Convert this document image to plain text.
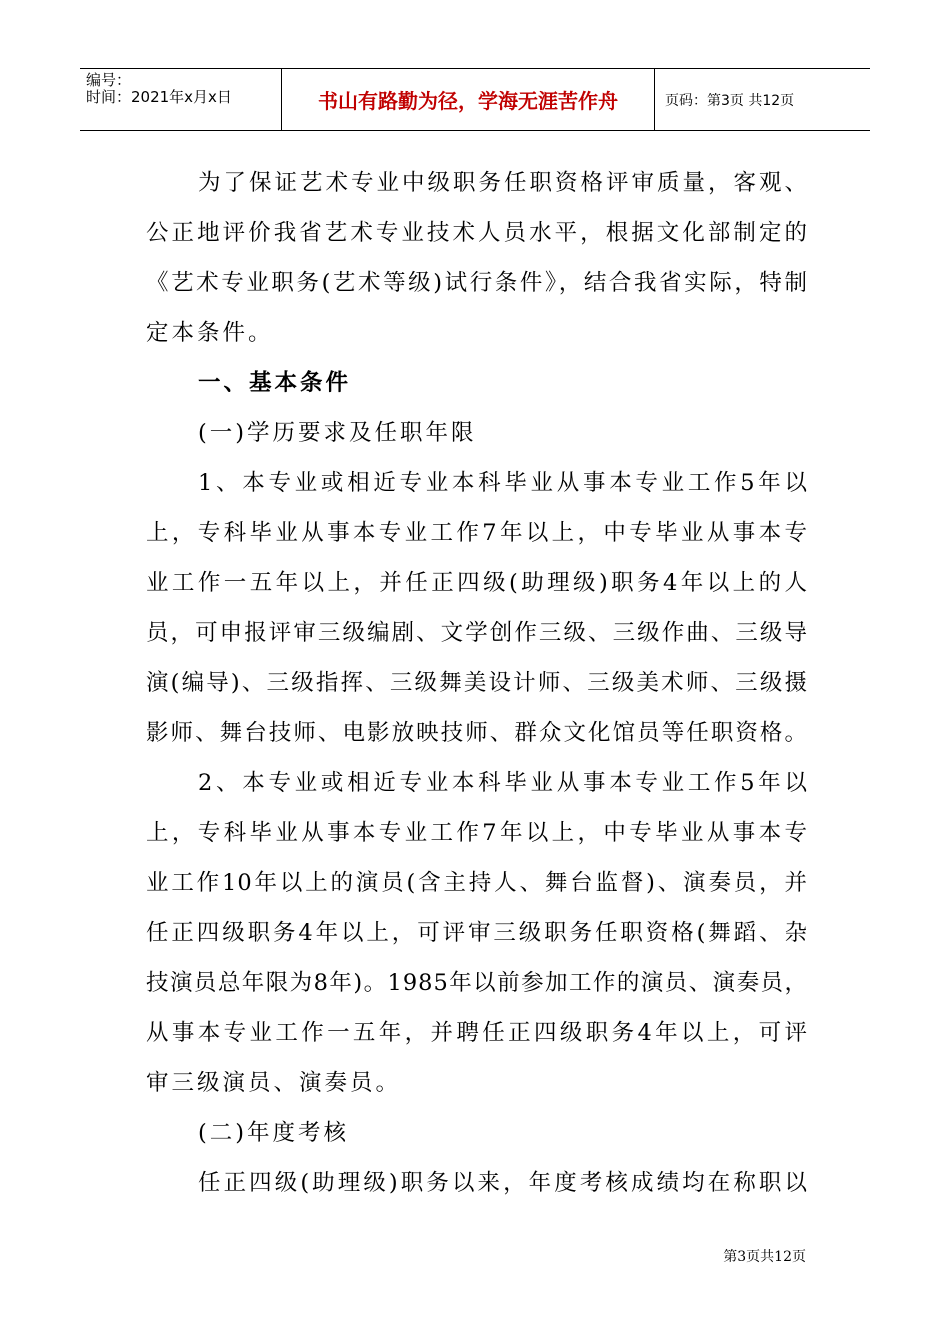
编号：
时间：2021年x月x日	书山有路勤为径，学海无涯苦作舟	页码：第3页 共12页
为了保证艺术专业中级职务任职资格评审质量，客观、
公正地评价我省艺术专业技术人员水平，根据文化部制定的
《艺术专业职务(艺术等级)试行条件》，结合我省实际，特制
定本条件。
一、基本条件
(一)学历要求及任职年限
1、本专业或相近专业本科毕业从事本专业工作5年以
上，专科毕业从事本专业工作7年以上，中专毕业从事本专
业工作一五年以上，并任正四级(助理级)职务4年以上的人
员，可申报评审三级编剧、文学创作三级、三级作曲、三级导
演(编导)、三级指挥、三级舞美设计师、三级美术师、三级摄
影师、舞台技师、电影放映技师、群众文化馆员等任职资格。
2、本专业或相近专业本科毕业从事本专业工作5年以
上，专科毕业从事本专业工作7年以上，中专毕业从事本专
业工作10年以上的演员(含主持人、舞台监督)、演奏员，并
任正四级职务4年以上，可评审三级职务任职资格(舞蹈、杂
技演员总年限为8年)。1985年以前参加工作的演员、演奏员，
从事本专业工作一五年，并聘任正四级职务4年以上，可评
审三级演员、演奏员。
(二)年度考核
任正四级(助理级)职务以来，年度考核成绩均在称职以
第3页共12页
